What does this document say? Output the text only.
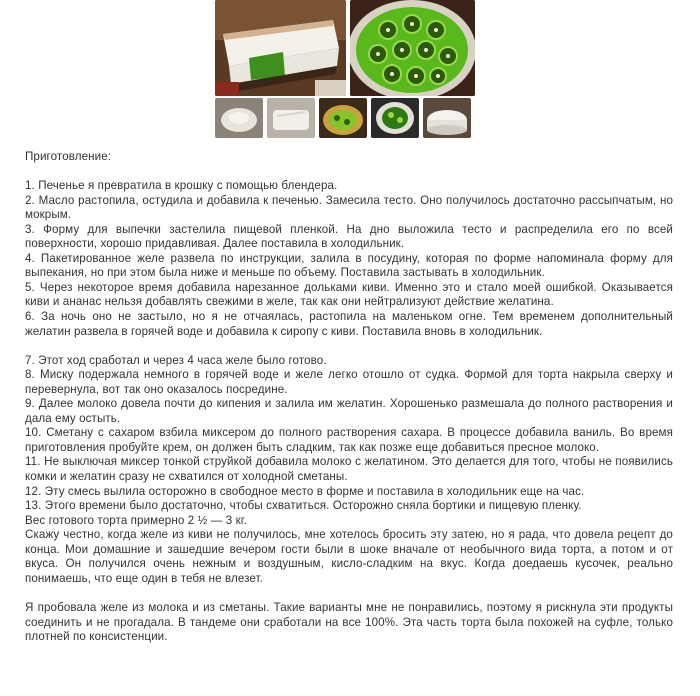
Приготовление:

1. Печенье я превратила в крошку с помощью блендера.

2. Масло растопила, остудила и добавила к печенью. Замесила тесто. Оно получилось достаточно рассыпчатым, но мокрым.

3. Форму для выпечки застелила пищевой пленкой. На дно выложила тесто и распределила его по всей поверхности, хорошо придавливая. Далее поставила в холодильник.

4. Пакетированное желе развела по инструкции, залила в посудину, которая по форме напоминала форму для выпекания, но при этом была ниже и меньше по объему. Поставила застывать в холодильник.

5. Через некоторое время добавила нарезанное дольками киви. Именно это и стало моей ошибкой. Оказывается киви и ананас нельзя добавлять свежими в желе, так как они нейтрализуют действие желатина.

6. За ночь оно не застыло, но я не отчаялась, растопила на маленьком огне. Тем временем дополнительный желатин развела в горячей воде и добавила к сиропу с киви. Поставила вновь в холодильник.

7. Этот ход сработал и через 4 часа желе было готово.

8. Миску подержала немного в горячей воде и желе легко отошло от судка. Формой для торта накрыла сверху и перевернула, вот так оно оказалось посредине.

9. Далее молоко довела почти до кипения и залила им желатин. Хорошенько размешала до полного растворения и дала ему остыть.

10. Сметану с сахаром взбила миксером до полного растворения сахара. В процессе добавила ваниль. Во время приготовления пробуйте крем, он должен быть сладким, так как позже еще добавиться пресное молоко.

11. Не выключая миксер тонкой струйкой добавила молоко с желатином. Это делается для того, чтобы не появились комки и желатин сразу не схватился от холодной сметаны.

12. Эту смесь вылила осторожно в свободное место в форме и поставила в холодильник еще на час.

13. Этого времени было достаточно, чтобы схватиться. Осторожно сняла бортики и пищевую пленку.

Вес готового торта примерно 2 ½ — 3 кг.

Скажу честно, когда желе из киви не получилось, мне хотелось бросить эту затею, но я рада, что довела рецепт до конца. Мои домашние и зашедшие вечером гости были в шоке вначале от необычного вида торта, а потом и от вкуса. Он получился очень нежным и воздушным, кисло-сладким на вкус. Когда доедаешь кусочек, реально понимаешь, что еще один в тебя не влезет.

Я пробовала желе из молока и из сметаны. Такие варианты мне не понравились, поэтому я рискнула эти продукты соединить и не прогадала. В тандеме они сработали на все 100%. Эта часть торта была похожей на суфле, только плотней по консистенции.
